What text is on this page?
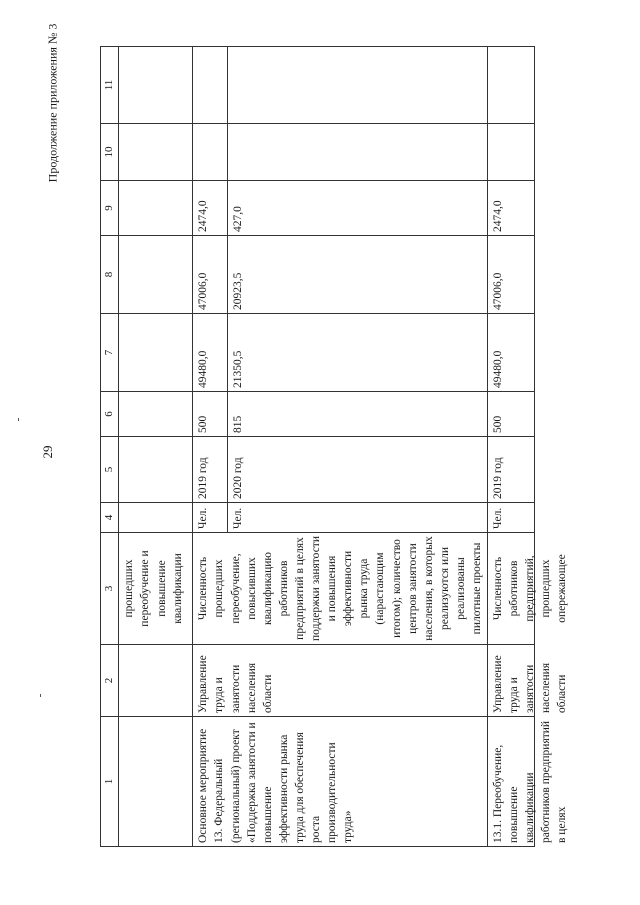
29
Продолжение приложения № 3
1	2	3	4	5	6	7	8	9	10	11
		прошедших переобучение и повышение квалификации								
Основное мероприятие 13. Федеральный (региональный) проект «Поддержка занятости и повышение эффективности рынка труда для обеспечения роста производительности труда»	Управление труда и занятости населения области	Численность прошедших переобучение, повысивших квалификацию работников предприятий в целях поддержки занятости и повышения эффективности рынка труда (нарастающим итогом); количество центров занятости населения, в которых реализуются или реализованы пилотные проекты	Чел.	2019 год	500	49480,0	47006,0	2474,0		
			Чел.	2020 год	815	21350,5	20923,5	427,0		

13.1. Переобучение, повышение квалификации работников предприятий в целях	Управление труда и занятости населения области	Численность работников предприятий, прошедших опережающее	Чел.	2019 год	500	49480,0	47006,0	2474,0		
